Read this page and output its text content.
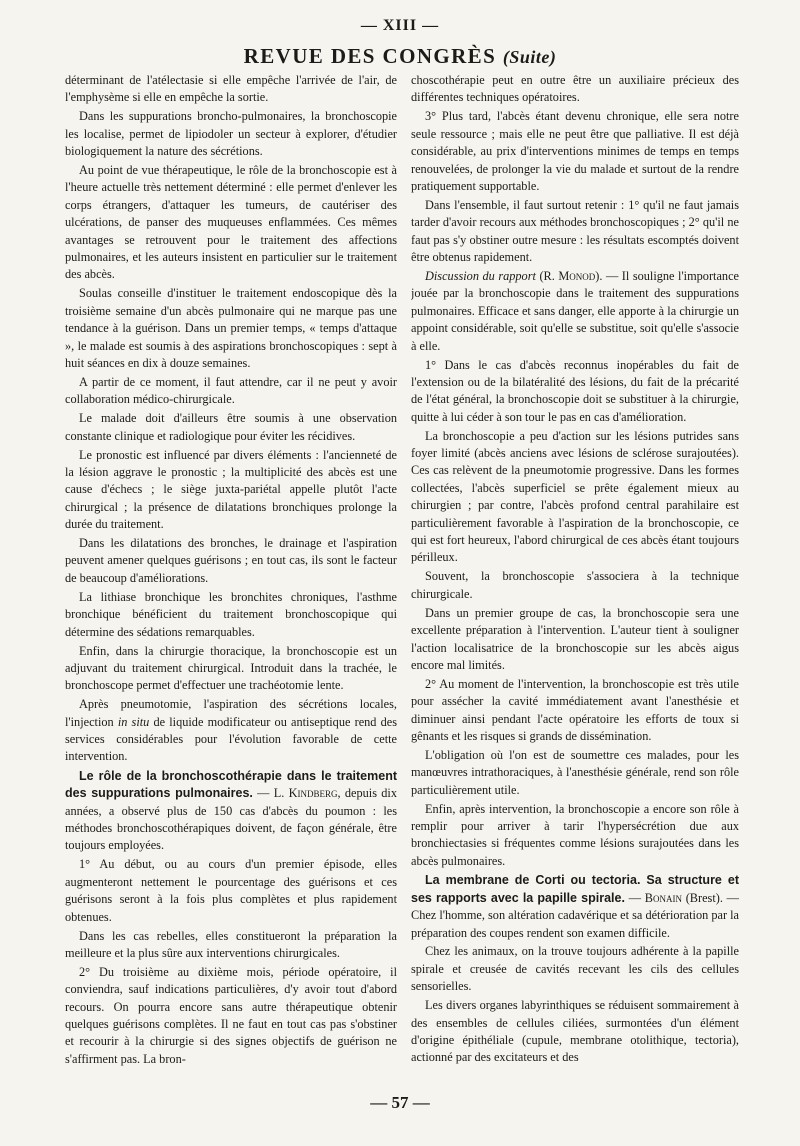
— XIII —
REVUE DES CONGRÈS (Suite)

déterminant de l'atélectasie si elle empêche l'arrivée de l'air, de l'emphysème si elle en empêche la sortie.

Dans les suppurations broncho-pulmonaires, la bronchoscopie les localise, permet de lipiodoler un secteur à explorer, d'étudier biologiquement la nature des sécrétions.

Au point de vue thérapeutique, le rôle de la bronchoscopie est à l'heure actuelle très nettement déterminé : elle permet d'enlever les corps étrangers, d'attaquer les tumeurs, de cautériser des ulcérations, de panser des muqueuses enflammées. Ces mêmes avantages se retrouvent pour le traitement des affections pulmonaires, et les auteurs insistent en particulier sur le traitement des abcès.

Soulas conseille d'instituer le traitement endoscopique dès la troisième semaine d'un abcès pulmonaire qui ne marque pas une tendance à la guérison. Dans un premier temps, « temps d'attaque », le malade est soumis à des aspirations bronchoscopiques : sept à huit séances en dix à douze semaines.

A partir de ce moment, il faut attendre, car il ne peut y avoir collaboration médico-chirurgicale.

Le malade doit d'ailleurs être soumis à une observation constante clinique et radiologique pour éviter les récidives.

Le pronostic est influencé par divers éléments : l'ancienneté de la lésion aggrave le pronostic ; la multiplicité des abcès est une cause d'échecs ; le siège juxta-pariétal appelle plutôt l'acte chirurgical ; la présence de dilatations bronchiques prolonge la durée du traitement.

Dans les dilatations des bronches, le drainage et l'aspiration peuvent amener quelques guérisons ; en tout cas, ils sont le facteur de beaucoup d'améliorations.

La lithiase bronchique les bronchites chroniques, l'asthme bronchique bénéficient du traitement bronchoscopique qui détermine des sédations remarquables.

Enfin, dans la chirurgie thoracique, la bronchoscopie est un adjuvant du traitement chirurgical. Introduit dans la trachée, le bronchoscope permet d'effectuer une trachéotomie lente.

Après pneumotomie, l'aspiration des sécrétions locales, l'injection in situ de liquide modificateur ou antiseptique rend des services considérables pour l'évolution favorable de cette intervention.

Le rôle de la bronchoscothérapie dans le traitement des suppurations pulmonaires. — L. Kindberg, depuis dix années, a observé plus de 150 cas d'abcès du poumon : les méthodes bronchoscothérapiques doivent, de façon générale, être toujours employées.

1° Au début, ou au cours d'un premier épisode, elles augmenteront nettement le pourcentage des guérisons et ces guérisons seront à la fois plus complètes et plus rapidement obtenues.

Dans les cas rebelles, elles constitueront la préparation la meilleure et la plus sûre aux interventions chirurgicales.

2° Du troisième au dixième mois, période opératoire, il conviendra, sauf indications particulières, d'y avoir tout d'abord recours. On pourra encore sans autre thérapeutique obtenir quelques guérisons complètes. Il ne faut en tout cas pas s'obstiner et recourir à la chirurgie si des signes objectifs de guérison ne s'affirment pas. La bron-

choscothérapie peut en outre être un auxiliaire précieux des différentes techniques opératoires.

3° Plus tard, l'abcès étant devenu chronique, elle sera notre seule ressource ; mais elle ne peut être que palliative. Il est déjà considérable, au prix d'interventions minimes de temps en temps renouvelées, de prolonger la vie du malade et surtout de la rendre pratiquement supportable.

Dans l'ensemble, il faut surtout retenir : 1° qu'il ne faut jamais tarder d'avoir recours aux méthodes bronchoscopiques ; 2° qu'il ne faut pas s'y obstiner outre mesure : les résultats escomptés doivent être obtenus rapidement.

Discussion du rapport (R. Monod). — Il souligne l'importance jouée par la bronchoscopie dans le traitement des suppurations pulmonaires. Efficace et sans danger, elle apporte à la chirurgie un appoint considérable, soit qu'elle se substitue, soit qu'elle s'associe à elle.

1° Dans le cas d'abcès reconnus inopérables du fait de l'extension ou de la bilatéralité des lésions, du fait de la précarité de l'état général, la bronchoscopie doit se substituer à la chirurgie, quitte à lui céder à son tour le pas en cas d'amélioration.

La bronchoscopie a peu d'action sur les lésions putrides sans foyer limité (abcès anciens avec lésions de sclérose surajoutées). Ces cas relèvent de la pneumotomie progressive. Dans les formes collectées, l'abcès superficiel se prête également mieux au chirurgien ; par contre, l'abcès profond central parahilaire est particulièrement favorable à l'aspiration de la bronchoscopie, ce qui est fort heureux, l'abord chirurgical de ces abcès étant toujours périlleux.

Souvent, la bronchoscopie s'associera à la technique chirurgicale.

Dans un premier groupe de cas, la bronchoscopie sera une excellente préparation à l'intervention. L'auteur tient à souligner l'action localisatrice de la bronchoscopie sur les abcès aigus encore mal limités.

2° Au moment de l'intervention, la bronchoscopie est très utile pour assécher la cavité immédiatement avant l'anesthésie et diminuer ainsi pendant l'acte opératoire les efforts de toux si gênants et les risques si grands de dissémination.

L'obligation où l'on est de soumettre ces malades, pour les manœuvres intrathoraciques, à l'anesthésie générale, rend son rôle particulièrement utile.

Enfin, après intervention, la bronchoscopie a encore son rôle à remplir pour arriver à tarir l'hypersécrétion due aux bronchiectasies si fréquentes comme lésions surajoutées dans les abcès pulmonaires.

La membrane de Corti ou tectoria. Sa structure et ses rapports avec la papille spirale. — Bonain (Brest). — Chez l'homme, son altération cadavérique et sa détérioration par la préparation des coupes rendent son examen difficile.

Chez les animaux, on la trouve toujours adhérente à la papille spirale et creusée de cavités recevant les cils des cellules sensorielles.

Les divers organes labyrinthiques se réduisent sommairement à des ensembles de cellules ciliées, surmontées d'un élément d'origine épithéliale (cupule, membrane otolithique, tectoria), actionné par des excitateurs et des

— 57 —
